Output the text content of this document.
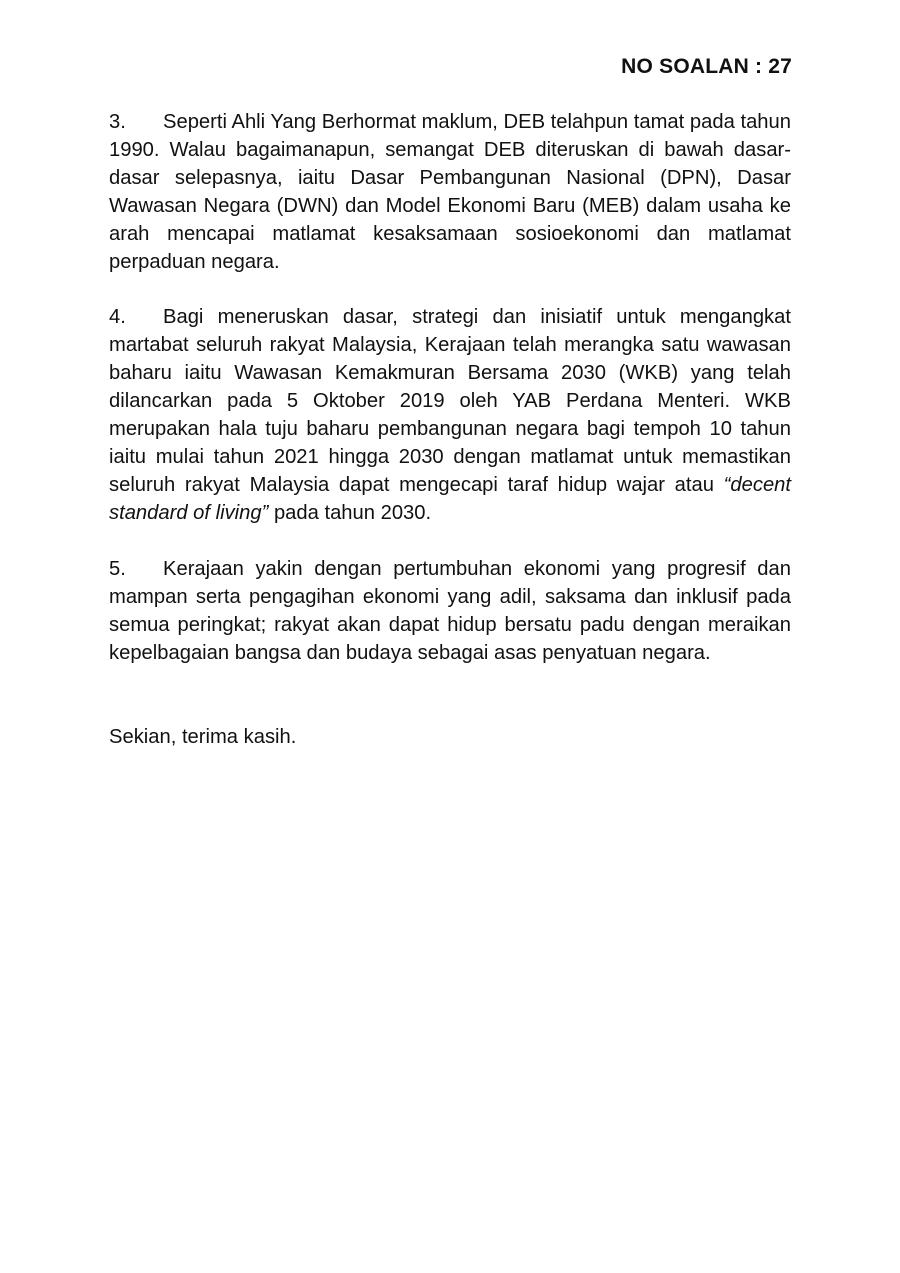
NO SOALAN : 27
3. Seperti Ahli Yang Berhormat maklum, DEB telahpun tamat pada tahun 1990. Walau bagaimanapun, semangat DEB diteruskan di bawah dasar-dasar selepasnya, iaitu Dasar Pembangunan Nasional (DPN), Dasar Wawasan Negara (DWN) dan Model Ekonomi Baru (MEB) dalam usaha ke arah mencapai matlamat kesaksamaan sosioekonomi dan matlamat perpaduan negara.
4. Bagi meneruskan dasar, strategi dan inisiatif untuk mengangkat martabat seluruh rakyat Malaysia, Kerajaan telah merangka satu wawasan baharu iaitu Wawasan Kemakmuran Bersama 2030 (WKB) yang telah dilancarkan pada 5 Oktober 2019 oleh YAB Perdana Menteri. WKB merupakan hala tuju baharu pembangunan negara bagi tempoh 10 tahun iaitu mulai tahun 2021 hingga 2030 dengan matlamat untuk memastikan seluruh rakyat Malaysia dapat mengecapi taraf hidup wajar atau “decent standard of living” pada tahun 2030.
5. Kerajaan yakin dengan pertumbuhan ekonomi yang progresif dan mampan serta pengagihan ekonomi yang adil, saksama dan inklusif pada semua peringkat; rakyat akan dapat hidup bersatu padu dengan meraikan kepelbagaian bangsa dan budaya sebagai asas penyatuan negara.
Sekian, terima kasih.
